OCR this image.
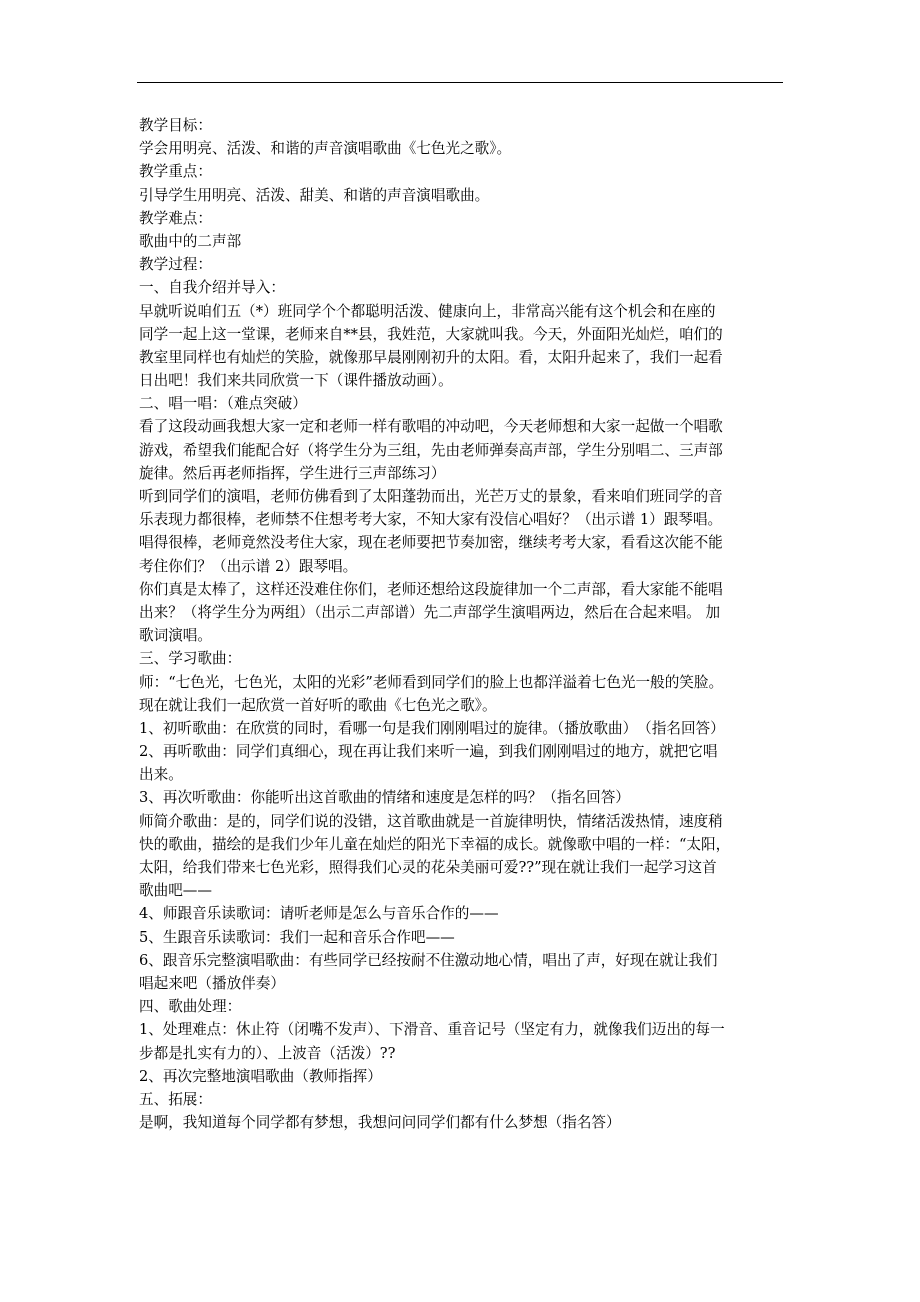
教学目标：
学会用明亮、活泼、和谐的声音演唱歌曲《七色光之歌》。
教学重点：
引导学生用明亮、活泼、甜美、和谐的声音演唱歌曲。
教学难点：
歌曲中的二声部
教学过程：
一、自我介绍并导入：
早就听说咱们五（*）班同学个个都聪明活泼、健康向上，非常高兴能有这个机会和在座的
同学一起上这一堂课，老师来自**县，我姓范，大家就叫我。今天，外面阳光灿烂，咱们的
教室里同样也有灿烂的笑脸，就像那早晨刚刚初升的太阳。看，太阳升起来了，我们一起看
日出吧！我们来共同欣赏一下（课件播放动画）。
二、唱一唱：（难点突破）
看了这段动画我想大家一定和老师一样有歌唱的冲动吧，今天老师想和大家一起做一个唱歌
游戏，希望我们能配合好（将学生分为三组，先由老师弹奏高声部，学生分别唱二、三声部
旋律。然后再老师指挥，学生进行三声部练习）
听到同学们的演唱，老师仿佛看到了太阳蓬勃而出，光芒万丈的景象，看来咱们班同学的音
乐表现力都很棒，老师禁不住想考考大家，不知大家有没信心唱好？（出示谱 1）跟琴唱。
唱得很棒，老师竟然没考住大家，现在老师要把节奏加密，继续考考大家，看看这次能不能
考住你们？（出示谱 2）跟琴唱。
你们真是太棒了，这样还没难住你们，老师还想给这段旋律加一个二声部，看大家能不能唱
出来？（将学生分为两组）（出示二声部谱）先二声部学生演唱两边，然后在合起来唱。 加
歌词演唱。
三、学习歌曲：
师：“七色光，七色光，太阳的光彩”老师看到同学们的脸上也都洋溢着七色光一般的笑脸。
现在就让我们一起欣赏一首好听的歌曲《七色光之歌》。
1、初听歌曲：在欣赏的同时，看哪一句是我们刚刚唱过的旋律。（播放歌曲）　（指名回答）
2、再听歌曲：同学们真细心，现在再让我们来听一遍，到我们刚刚唱过的地方，就把它唱
出来。
3、再次听歌曲：你能听出这首歌曲的情绪和速度是怎样的吗？（指名回答）
师简介歌曲：是的，同学们说的没错，这首歌曲就是一首旋律明快，情绪活泼热情，速度稍
快的歌曲，描绘的是我们少年儿童在灿烂的阳光下幸福的成长。就像歌中唱的一样：“太阳，
太阳，给我们带来七色光彩，照得我们心灵的花朵美丽可爱??”现在就让我们一起学习这首
歌曲吧——
4、师跟音乐读歌词：请听老师是怎么与音乐合作的——
5、生跟音乐读歌词：我们一起和音乐合作吧——
6、跟音乐完整演唱歌曲：有些同学已经按耐不住激动地心情，唱出了声，好现在就让我们
唱起来吧（播放伴奏）
四、歌曲处理：
1、处理难点：休止符（闭嘴不发声）、下滑音、重音记号（坚定有力，就像我们迈出的每一
步都是扎实有力的）、上波音（活泼）??
2、再次完整地演唱歌曲（教师指挥）
五、拓展：
是啊，我知道每个同学都有梦想，我想问问同学们都有什么梦想（指名答）
